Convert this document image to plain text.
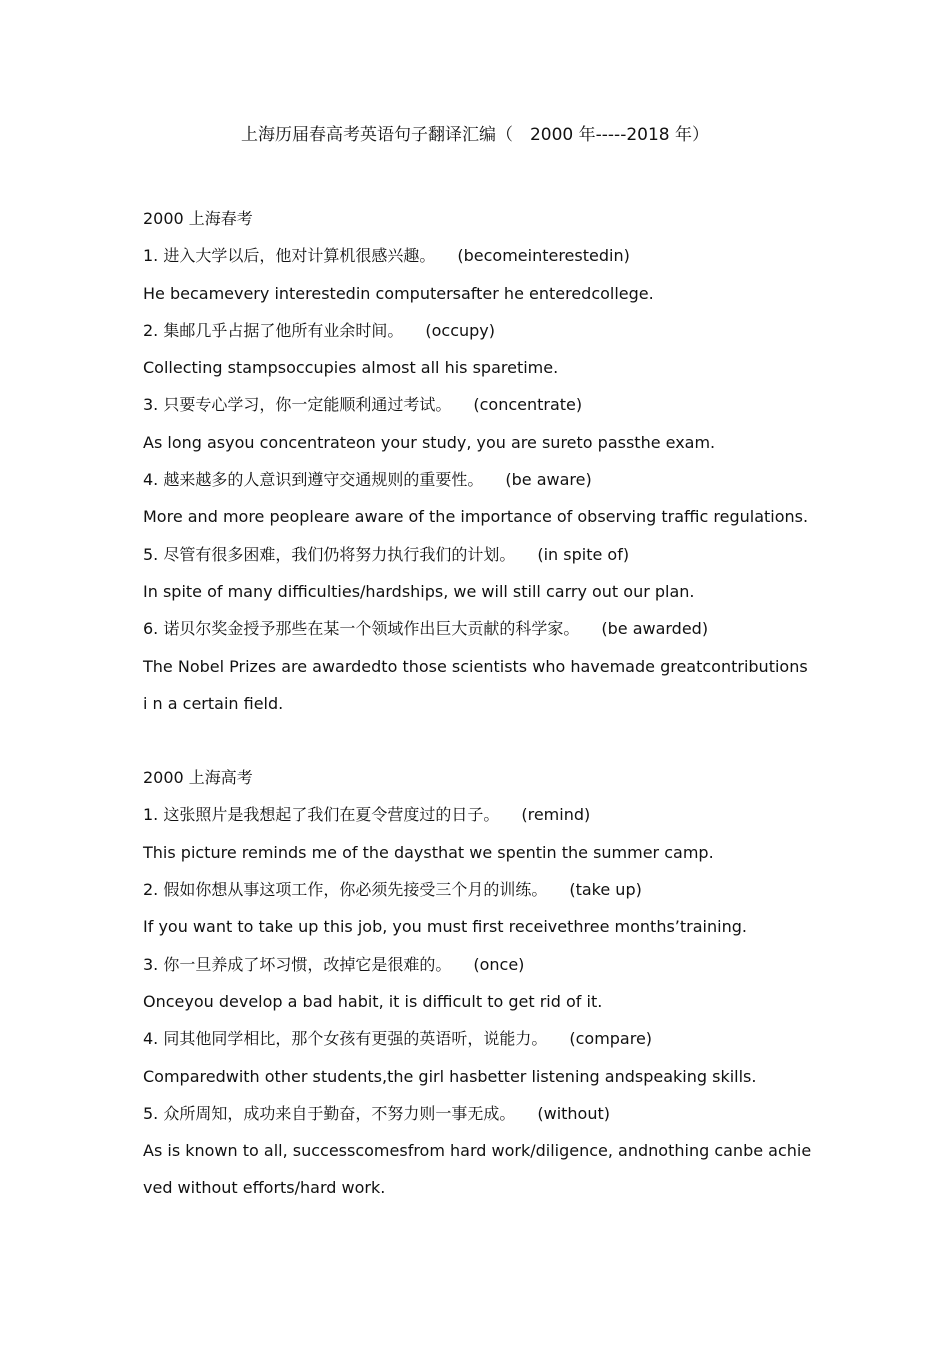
上海历届春高考英语句子翻译汇编（　2000 年-----2018 年）
2000 上海春考
1. 进入大学以后，他对计算机很感兴趣。 (becomeinterestedin)
He becamevery interestedin computersafter he enteredcollege.
2. 集邮几乎占据了他所有业余时间。 (occupy)
Collecting stampsoccupies almost all his sparetime.
3. 只要专心学习，你一定能顺利通过考试。 (concentrate)
As long asyou concentrateon your study, you are sureto passthe exam.
4. 越来越多的人意识到遵守交通规则的重要性。 (be aware)
More and more peopleare aware of the importance of observing traffic regulations.
5. 尽管有很多困难，我们仍将努力执行我们的计划。 (in spite of)
In spite of many difficulties/hardships, we will still carry out our plan.
6. 诺贝尔奖金授予那些在某一个领域作出巨大贡献的科学家。 (be awarded)
The Nobel Prizes are awardedto those scientists who havemade greatcontributions i n a certain field.
2000 上海高考
1. 这张照片是我想起了我们在夏令营度过的日子。 (remind)
This picture reminds me of the daysthat we spentin the summer camp.
2. 假如你想从事这项工作，你必须先接受三个月的训练。 (take up)
If you want to take up this job, you must first receivethree months’training.
3. 你一旦养成了坏习惯，改掉它是很难的。 (once)
Onceyou develop a bad habit, it is difficult to get rid of it.
4. 同其他同学相比，那个女孩有更强的英语听，说能力。 (compare)
Comparedwith other students,the girl hasbetter listening andspeaking skills.
5. 众所周知，成功来自于勤奋，不努力则一事无成。 (without)
As is known to all, successcomesfrom hard work/diligence, andnothing canbe achie ved without efforts/hard work.
